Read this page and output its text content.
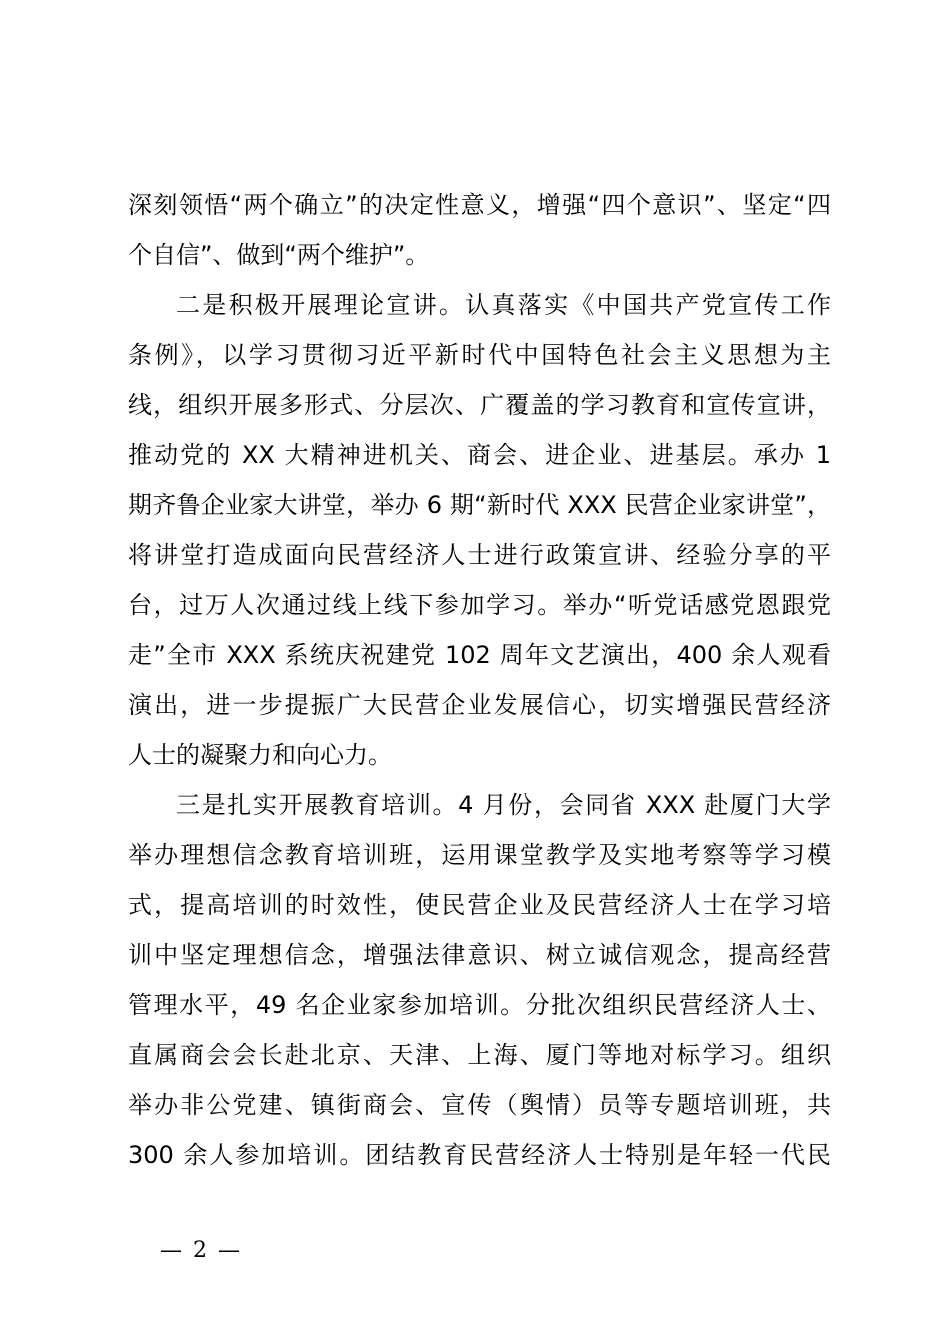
深刻领悟“两个确立”的决定性意义，增强“四个意识”、坚定“四
个自信”、做到“两个维护”。
二是积极开展理论宣讲。认真落实《中国共产党宣传工作
条例》，以学习贯彻习近平新时代中国特色社会主义思想为主
线，组织开展多形式、分层次、广覆盖的学习教育和宣传宣讲，
推动党的 XX 大精神进机关、商会、进企业、进基层。承办 1
期齐鲁企业家大讲堂，举办 6 期“新时代 XXX 民营企业家讲堂”，
将讲堂打造成面向民营经济人士进行政策宣讲、经验分享的平
台，过万人次通过线上线下参加学习。举办“听党话感党恩跟党
走”全市 XXX 系统庆祝建党 102 周年文艺演出，400 余人观看
演出，进一步提振广大民营企业发展信心，切实增强民营经济
人士的凝聚力和向心力。
三是扎实开展教育培训。4 月份，会同省 XXX 赴厦门大学
举办理想信念教育培训班，运用课堂教学及实地考察等学习模
式，提高培训的时效性，使民营企业及民营经济人士在学习培
训中坚定理想信念，增强法律意识、树立诚信观念，提高经营
管理水平，49 名企业家参加培训。分批次组织民营经济人士、
直属商会会长赴北京、天津、上海、厦门等地对标学习。组织
举办非公党建、镇街商会、宣传（舆情）员等专题培训班，共
300 余人参加培训。团结教育民营经济人士特别是年轻一代民
— 2 —
